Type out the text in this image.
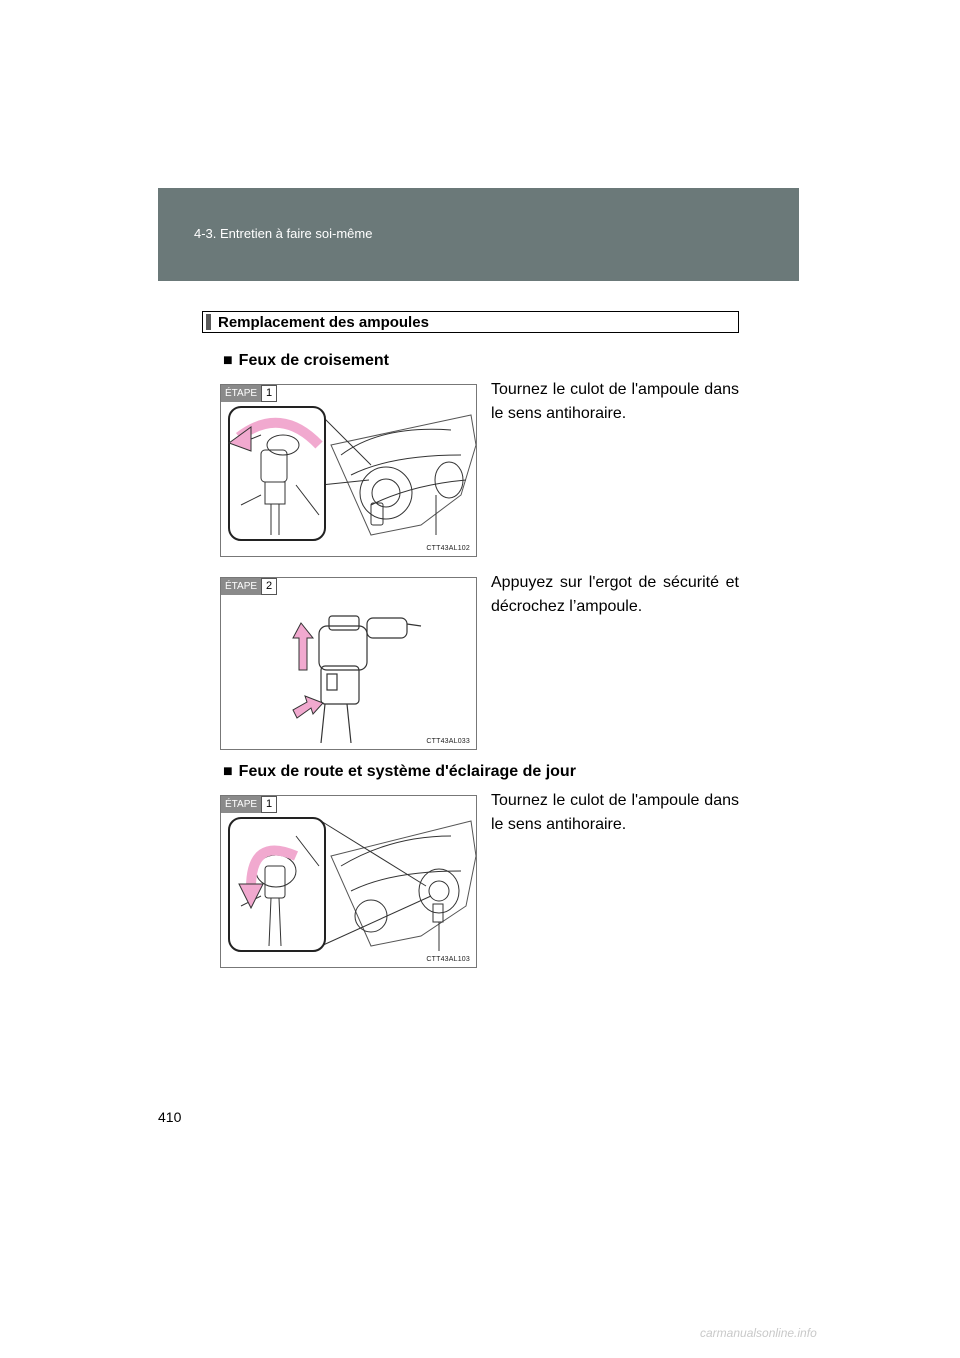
4-3. Entretien à faire soi-même
Remplacement des ampoules
■ Feux de croisement
ÉTAPE 1
CTT43AL102
Tournez le culot de l'ampoule dans le sens antihoraire.
ÉTAPE 2
CTT43AL033
Appuyez sur l'ergot de sécurité et décrochez l’ampoule.
■ Feux de route et système d'éclairage de jour
ÉTAPE 1
CTT43AL103
Tournez le culot de l'ampoule dans le sens antihoraire.
410
carmanualsonline.info
